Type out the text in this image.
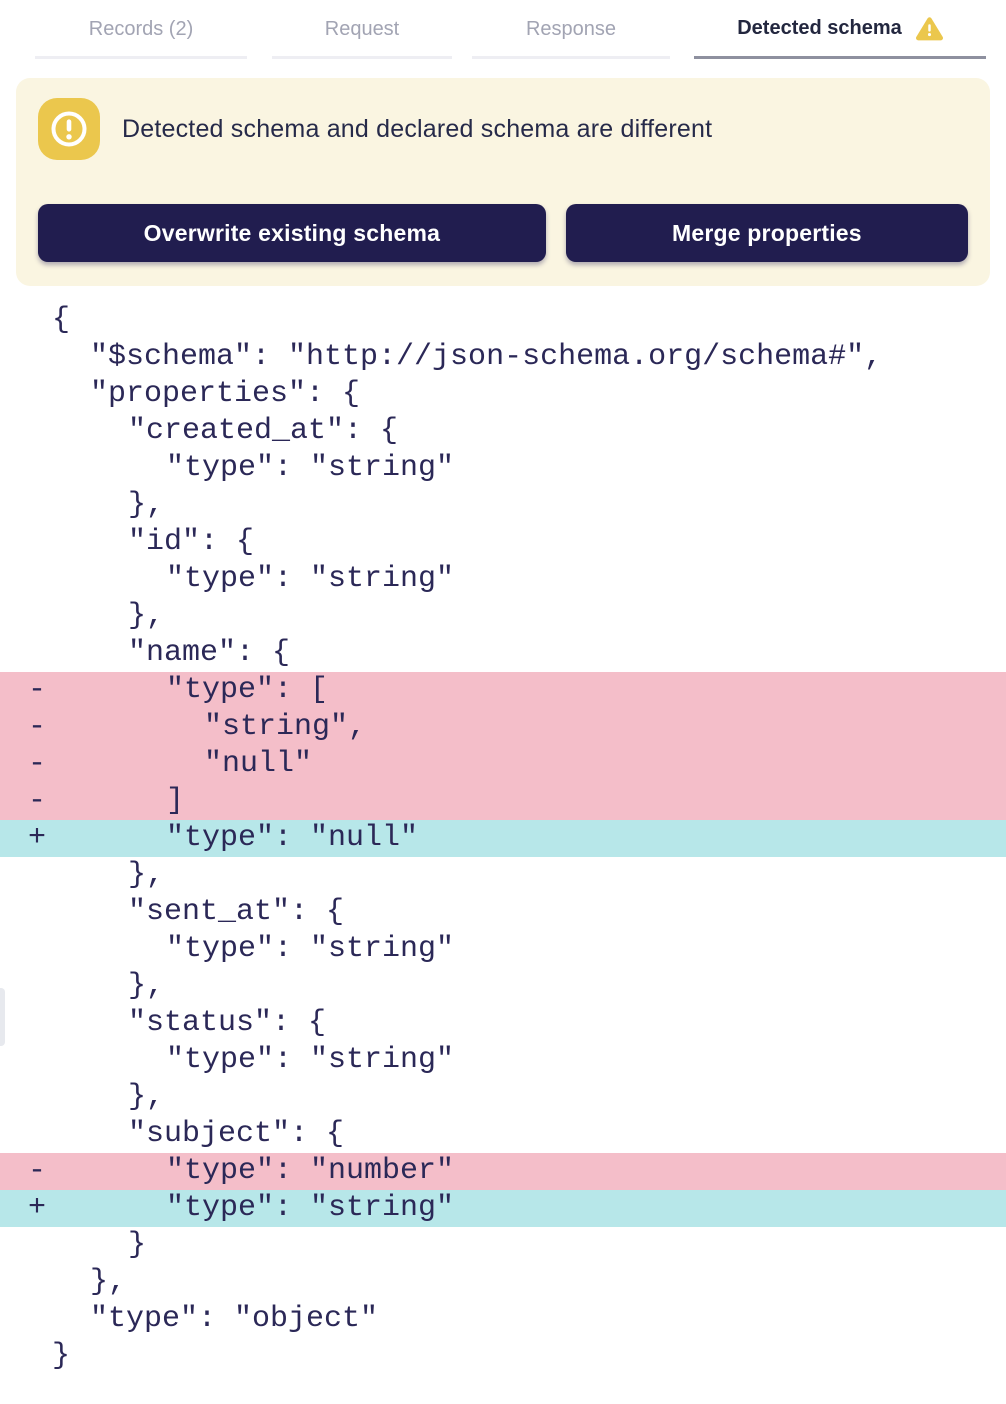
Records (2)	Request	Response	Detected schema
Detected schema and declared schema are different
Overwrite existing schema	Merge properties
{
"$schema": "http://json-schema.org/schema#",
"properties": {
"created_at": {
"type": "string"
},
"id": {
"type": "string"
},
"name": {
-	"type": [
-	"string",
-	"null"
-	]
+	"type": "null"
},
"sent_at": {
"type": "string"
},
"status": {
"type": "string"
},
"subject": {
-	"type": "number"
+	"type": "string"
}
},
"type": "object"
}
